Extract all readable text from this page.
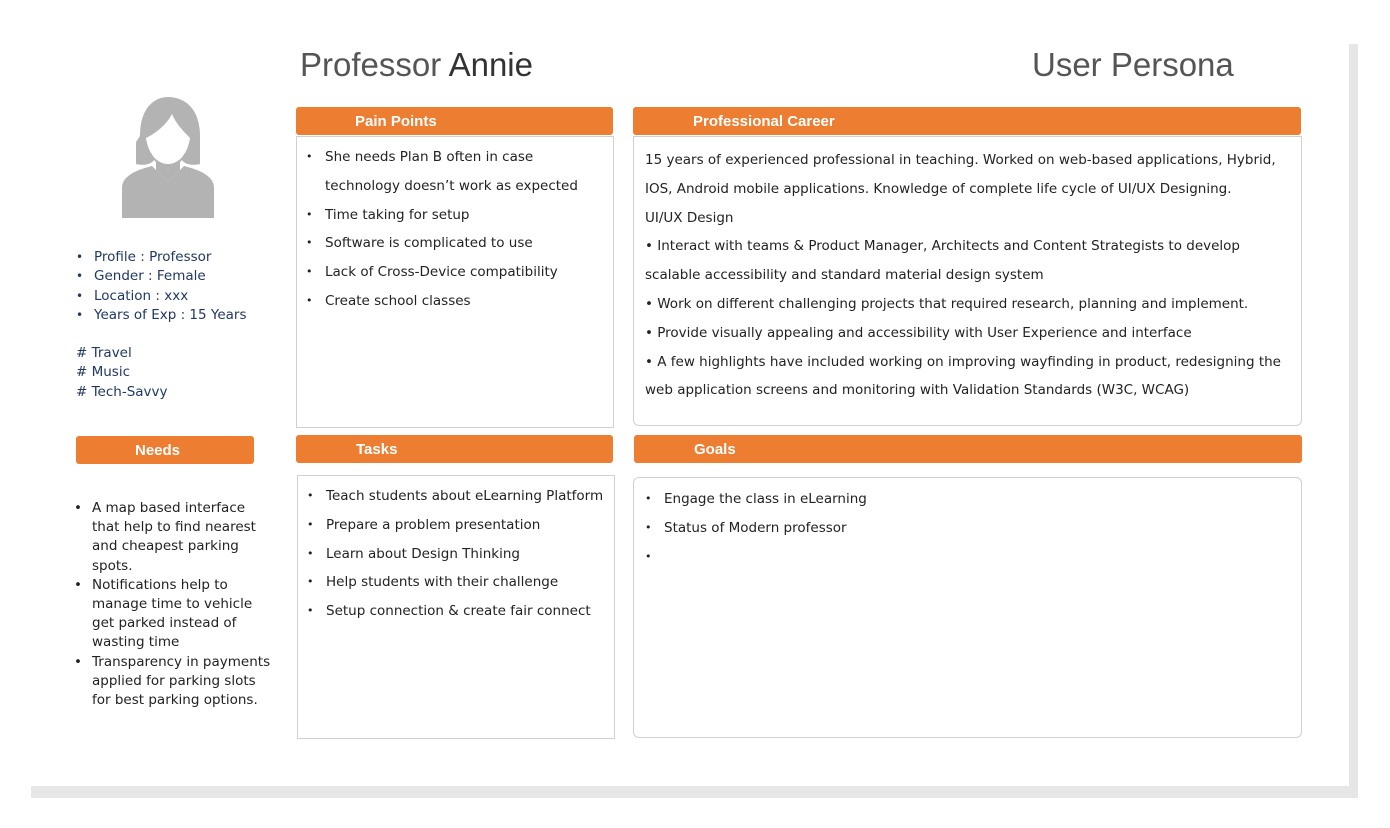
Professor Annie	User Persona
• Profile : Professor
• Gender : Female
• Location : xxx
• Years of Exp : 15 Years
# Travel
# Music
# Tech-Savvy
Needs
• A map based interface that help to find nearest and cheapest parking spots.
• Notifications help to manage time to vehicle get parked instead of wasting time
• Transparency in payments applied for parking slots for best parking options.
Pain Points
• She needs Plan B often in case technology doesn’t work as expected
• Time taking for setup
• Software is complicated to use
• Lack of Cross-Device compatibility
• Create school classes
Professional Career
15 years of experienced professional in teaching. Worked on web-based applications, Hybrid, IOS, Android mobile applications. Knowledge of complete life cycle of UI/UX Designing.
UI/UX Design
• Interact with teams & Product Manager, Architects and Content Strategists to develop scalable accessibility and standard material design system
• Work on different challenging projects that required research, planning and implement.
• Provide visually appealing and accessibility with User Experience and interface
• A few highlights have included working on improving wayfinding in product, redesigning the web application screens and monitoring with Validation Standards (W3C, WCAG)
Tasks
• Teach students about eLearning Platform
• Prepare a problem presentation
• Learn about Design Thinking
• Help students with their challenge
• Setup connection & create fair connect
Goals
• Engage the class in eLearning
• Status of Modern professor
